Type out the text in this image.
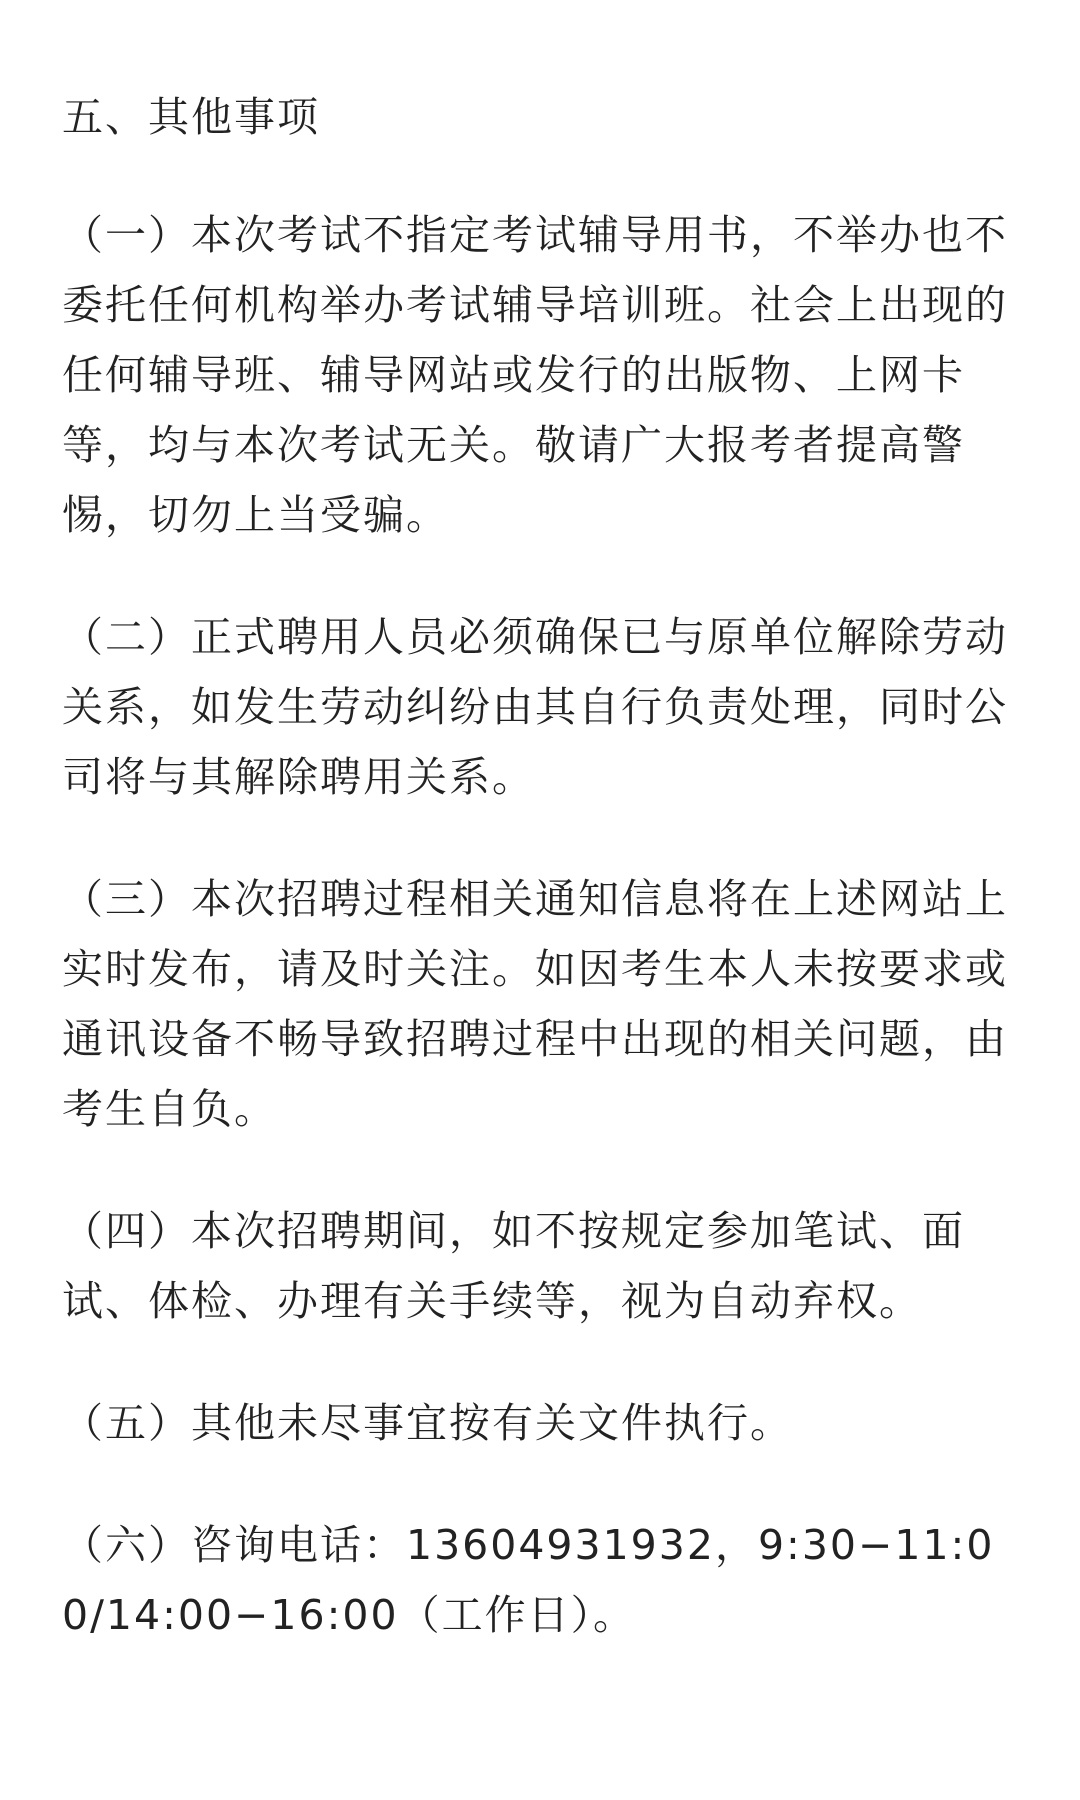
五、其他事项

（一）本次考试不指定考试辅导用书，不举办也不委托任何机构举办考试辅导培训班。社会上出现的任何辅导班、辅导网站或发行的出版物、上网卡等，均与本次考试无关。敬请广大报考者提高警惕，切勿上当受骗。

（二）正式聘用人员必须确保已与原单位解除劳动关系，如发生劳动纠纷由其自行负责处理，同时公司将与其解除聘用关系。

（三）本次招聘过程相关通知信息将在上述网站上实时发布，请及时关注。如因考生本人未按要求或通讯设备不畅导致招聘过程中出现的相关问题，由考生自负。

（四）本次招聘期间，如不按规定参加笔试、面试、体检、办理有关手续等，视为自动弃权。

（五）其他未尽事宜按有关文件执行。

（六）咨询电话：13604931932，9:30−11:00/14:00−16:00（工作日）。
